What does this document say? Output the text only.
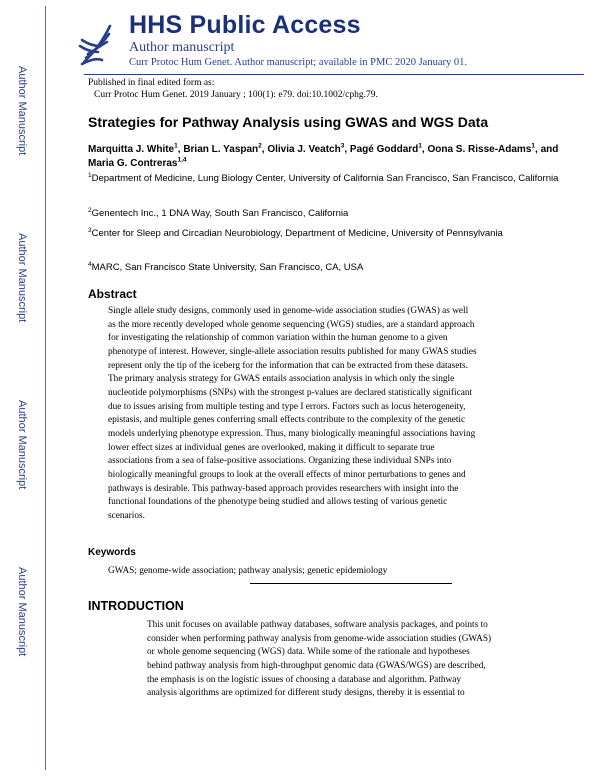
Author Manuscript
Author Manuscript
Author Manuscript
Author Manuscript
HHS Public Access
Author manuscript
Curr Protoc Hum Genet. Author manuscript; available in PMC 2020 January 01.
Published in final edited form as:
Curr Protoc Hum Genet. 2019 January ; 100(1): e79. doi:10.1002/cphg.79.
Strategies for Pathway Analysis using GWAS and WGS Data
Marquitta J. White$^1$, Brian L. Yaspan$^2$, Olivia J. Veatch$^3$, Pagé Goddard$^1$, Oona S. Risse-Adams$^1$, and Maria G. Contreras$^{1,4}$
$^1$Department of Medicine, Lung Biology Center, University of California San Francisco, San Francisco, California
$^2$Genentech Inc., 1 DNA Way, South San Francisco, California
$^3$Center for Sleep and Circadian Neurobiology, Department of Medicine, University of Pennsylvania
$^4$MARC, San Francisco State University, San Francisco, CA, USA
Abstract
Single allele study designs, commonly used in genome-wide association studies (GWAS) as well
as the more recently developed whole genome sequencing (WGS) studies, are a standard approach
for investigating the relationship of common variation within the human genome to a given
phenotype of interest. However, single-allele association results published for many GWAS studies
represent only the tip of the iceberg for the information that can be extracted from these datasets.
The primary analysis strategy for GWAS entails association analysis in which only the single
nucleotide polymorphisms (SNPs) with the strongest p-values are declared statistically significant
due to issues arising from multiple testing and type I errors. Factors such as locus heterogeneity,
epistasis, and multiple genes conferring small effects contribute to the complexity of the genetic
models underlying phenotype expression. Thus, many biologically meaningful associations having
lower effect sizes at individual genes are overlooked, making it difficult to separate true
associations from a sea of false-positive associations. Organizing these individual SNPs into
biologically meaningful groups to look at the overall effects of minor perturbations to genes and
pathways is desirable. This pathway-based approach provides researchers with insight into the
functional foundations of the phenotype being studied and allows testing of various genetic
scenarios.
Keywords
GWAS; genome-wide association; pathway analysis; genetic epidemiology
INTRODUCTION
This unit focuses on available pathway databases, software analysis packages, and points to
consider when performing pathway analysis from genome-wide association studies (GWAS)
or whole genome sequencing (WGS) data. While some of the rationale and hypotheses
behind pathway analysis from high-throughput genomic data (GWAS/WGS) are described,
the emphasis is on the logistic issues of choosing a database and algorithm. Pathway
analysis algorithms are optimized for different study designs, thereby it is essential to
